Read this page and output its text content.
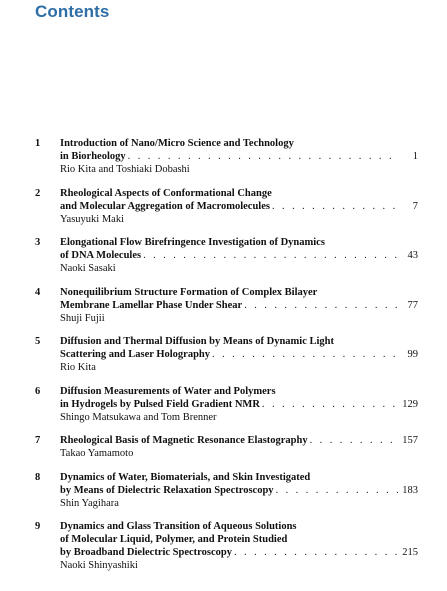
Contents
1 Introduction of Nano/Micro Science and Technology
in Biorheology . . .	1
Rio Kita and Toshiaki Dobashi
2 Rheological Aspects of Conformational Change
and Molecular Aggregation of Macromolecules . . .	7
Yasuyuki Maki
3 Elongational Flow Birefringence Investigation of Dynamics
of DNA Molecules . . .	43
Naoki Sasaki
4 Nonequilibrium Structure Formation of Complex Bilayer
Membrane Lamellar Phase Under Shear . . .	77
Shuji Fujii
5 Diffusion and Thermal Diffusion by Means of Dynamic Light
Scattering and Laser Holography . . .	99
Rio Kita
6 Diffusion Measurements of Water and Polymers
in Hydrogels by Pulsed Field Gradient NMR . . .	129
Shingo Matsukawa and Tom Brenner
7 Rheological Basis of Magnetic Resonance Elastography . . .	157
Takao Yamamoto
8 Dynamics of Water, Biomaterials, and Skin Investigated
by Means of Dielectric Relaxation Spectroscopy . . .	183
Shin Yagihara
9 Dynamics and Glass Transition of Aqueous Solutions
of Molecular Liquid, Polymer, and Protein Studied
by Broadband Dielectric Spectroscopy . . .	215
Naoki Shinyashiki
